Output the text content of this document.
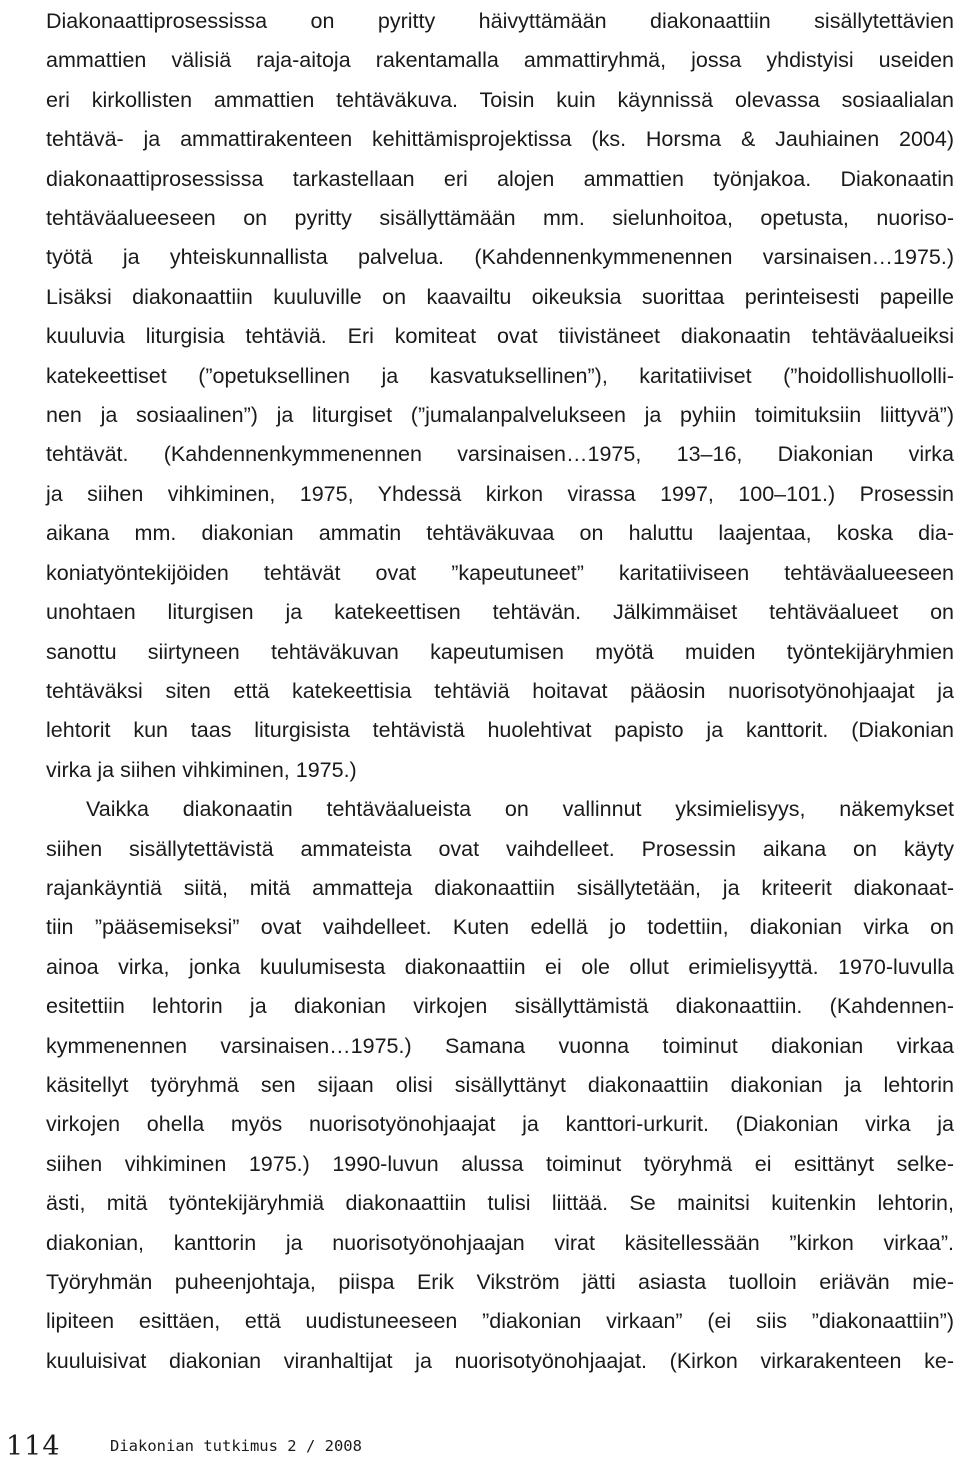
Diakonaattiprosessissa on pyritty häivyttämään diakonaattiin sisällytettävien
ammattien välisiä raja-aitoja rakentamalla ammattiryhmä, jossa yhdistyisi useiden
eri kirkollisten ammattien tehtäväkuva. Toisin kuin käynnissä olevassa sosiaalialan
tehtävä- ja ammattirakenteen kehittämisprojektissa (ks. Horsma & Jauhiainen 2004)
diakonaattiprosessissa tarkastellaan eri alojen ammattien työnjakoa. Diakonaatin
tehtäväalueeseen on pyritty sisällyttämään mm. sielunhoitoa, opetusta, nuoriso-
työtä ja yhteiskunnallista palvelua. (Kahdennenkymmenennen varsinaisen…1975.)
Lisäksi diakonaattiin kuuluville on kaavailtu oikeuksia suorittaa perinteisesti papeille
kuuluvia liturgisia tehtäviä. Eri komiteat ovat tiivistäneet diakonaatin tehtäväalueiksi
katekeettiset (”opetuksellinen ja kasvatuksellinen”), karitatiiviset (”hoidollishuollolli-
nen ja sosiaalinen”) ja liturgiset (”jumalanpalvelukseen ja pyhiin toimituksiin liittyvä”)
tehtävät. (Kahdennenkymmenennen varsinaisen…1975, 13–16, Diakonian virka
ja siihen vihkiminen, 1975, Yhdessä kirkon virassa 1997, 100–101.) Prosessin
aikana mm. diakonian ammatin tehtäväkuvaa on haluttu laajentaa, koska dia-
koniatyöntekijöiden tehtävät ovat ”kapeutuneet” karitatiiviseen tehtäväalueeseen
unohtaen liturgisen ja katekeettisen tehtävän. Jälkimmäiset tehtäväalueet on
sanottu siirtyneen tehtäväkuvan kapeutumisen myötä muiden työntekijäryhmien
tehtäväksi siten että katekeettisia tehtäviä hoitavat pääosin nuorisotyönohjaajat ja
lehtorit kun taas liturgisista tehtävistä huolehtivat papisto ja kanttorit. (Diakonian
virka ja siihen vihkiminen, 1975.)

Vaikka diakonaatin tehtäväalueista on vallinnut yksimielisyys, näkemykset
siihen sisällytettävistä ammateista ovat vaihdelleet. Prosessin aikana on käyty
rajankäyntiä siitä, mitä ammatteja diakonaattiin sisällytetään, ja kriteerit diakonaat-
tiin ”pääsemiseksi” ovat vaihdelleet. Kuten edellä jo todettiin, diakonian virka on
ainoa virka, jonka kuulumisesta diakonaattiin ei ole ollut erimielisyyttä. 1970-luvulla
esitettiin lehtorin ja diakonian virkojen sisällyttämistä diakonaattiin. (Kahdennen-
kymmenennen varsinaisen…1975.) Samana vuonna toiminut diakonian virkaa
käsitellyt työryhmä sen sijaan olisi sisällyttänyt diakonaattiin diakonian ja lehtorin
virkojen ohella myös nuorisotyönohjaajat ja kanttori-urkurit. (Diakonian virka ja
siihen vihkiminen 1975.) 1990-luvun alussa toiminut työryhmä ei esittänyt selke-
ästi, mitä työntekijäryhmiä diakonaattiin tulisi liittää. Se mainitsi kuitenkin lehtorin,
diakonian, kanttorin ja nuorisotyönohjaajan virat käsitellessään ”kirkon virkaa”.
Työryhmän puheenjohtaja, piispa Erik Vikström jätti asiasta tuolloin eriävän mie-
lipiteen esittäen, että uudistuneeseen ”diakonian virkaan” (ei siis ”diakonaattiin”)
kuuluisivat diakonian viranhaltijat ja nuorisotyönohjaajat. (Kirkon virkarakenteen ke-

114	Diakonian tutkimus 2 / 2008
